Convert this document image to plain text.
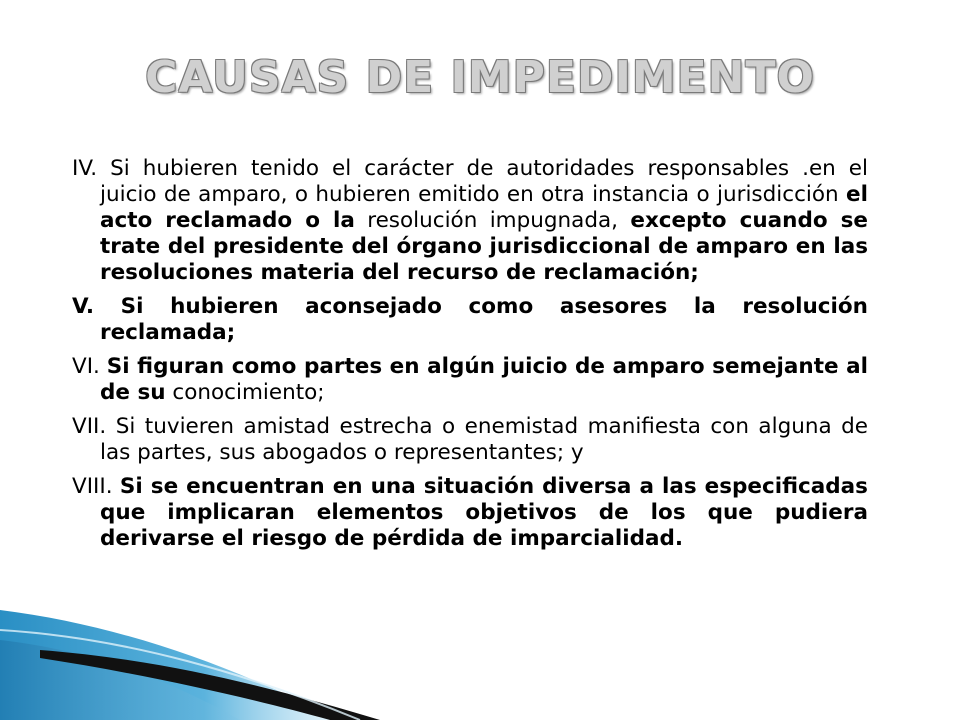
CAUSAS DE IMPEDIMENTO

IV. Si hubieren tenido el carácter de autoridades responsables .en el juicio de amparo, o hubieren emitido en otra instancia o jurisdicción el acto reclamado o la resolución impugnada, excepto cuando se trate del presidente del órgano jurisdiccional de amparo en las resoluciones materia del recurso de reclamación;

V. Si hubieren aconsejado como asesores la resolución reclamada;

VI. Si figuran como partes en algún juicio de amparo semejante al de su conocimiento;

VII. Si tuvieren amistad estrecha o enemistad manifiesta con alguna de las partes, sus abogados o representantes; y

VIII. Si se encuentran en una situación diversa a las especificadas que implicaran elementos objetivos de los que pudiera derivarse el riesgo de pérdida de imparcialidad.
